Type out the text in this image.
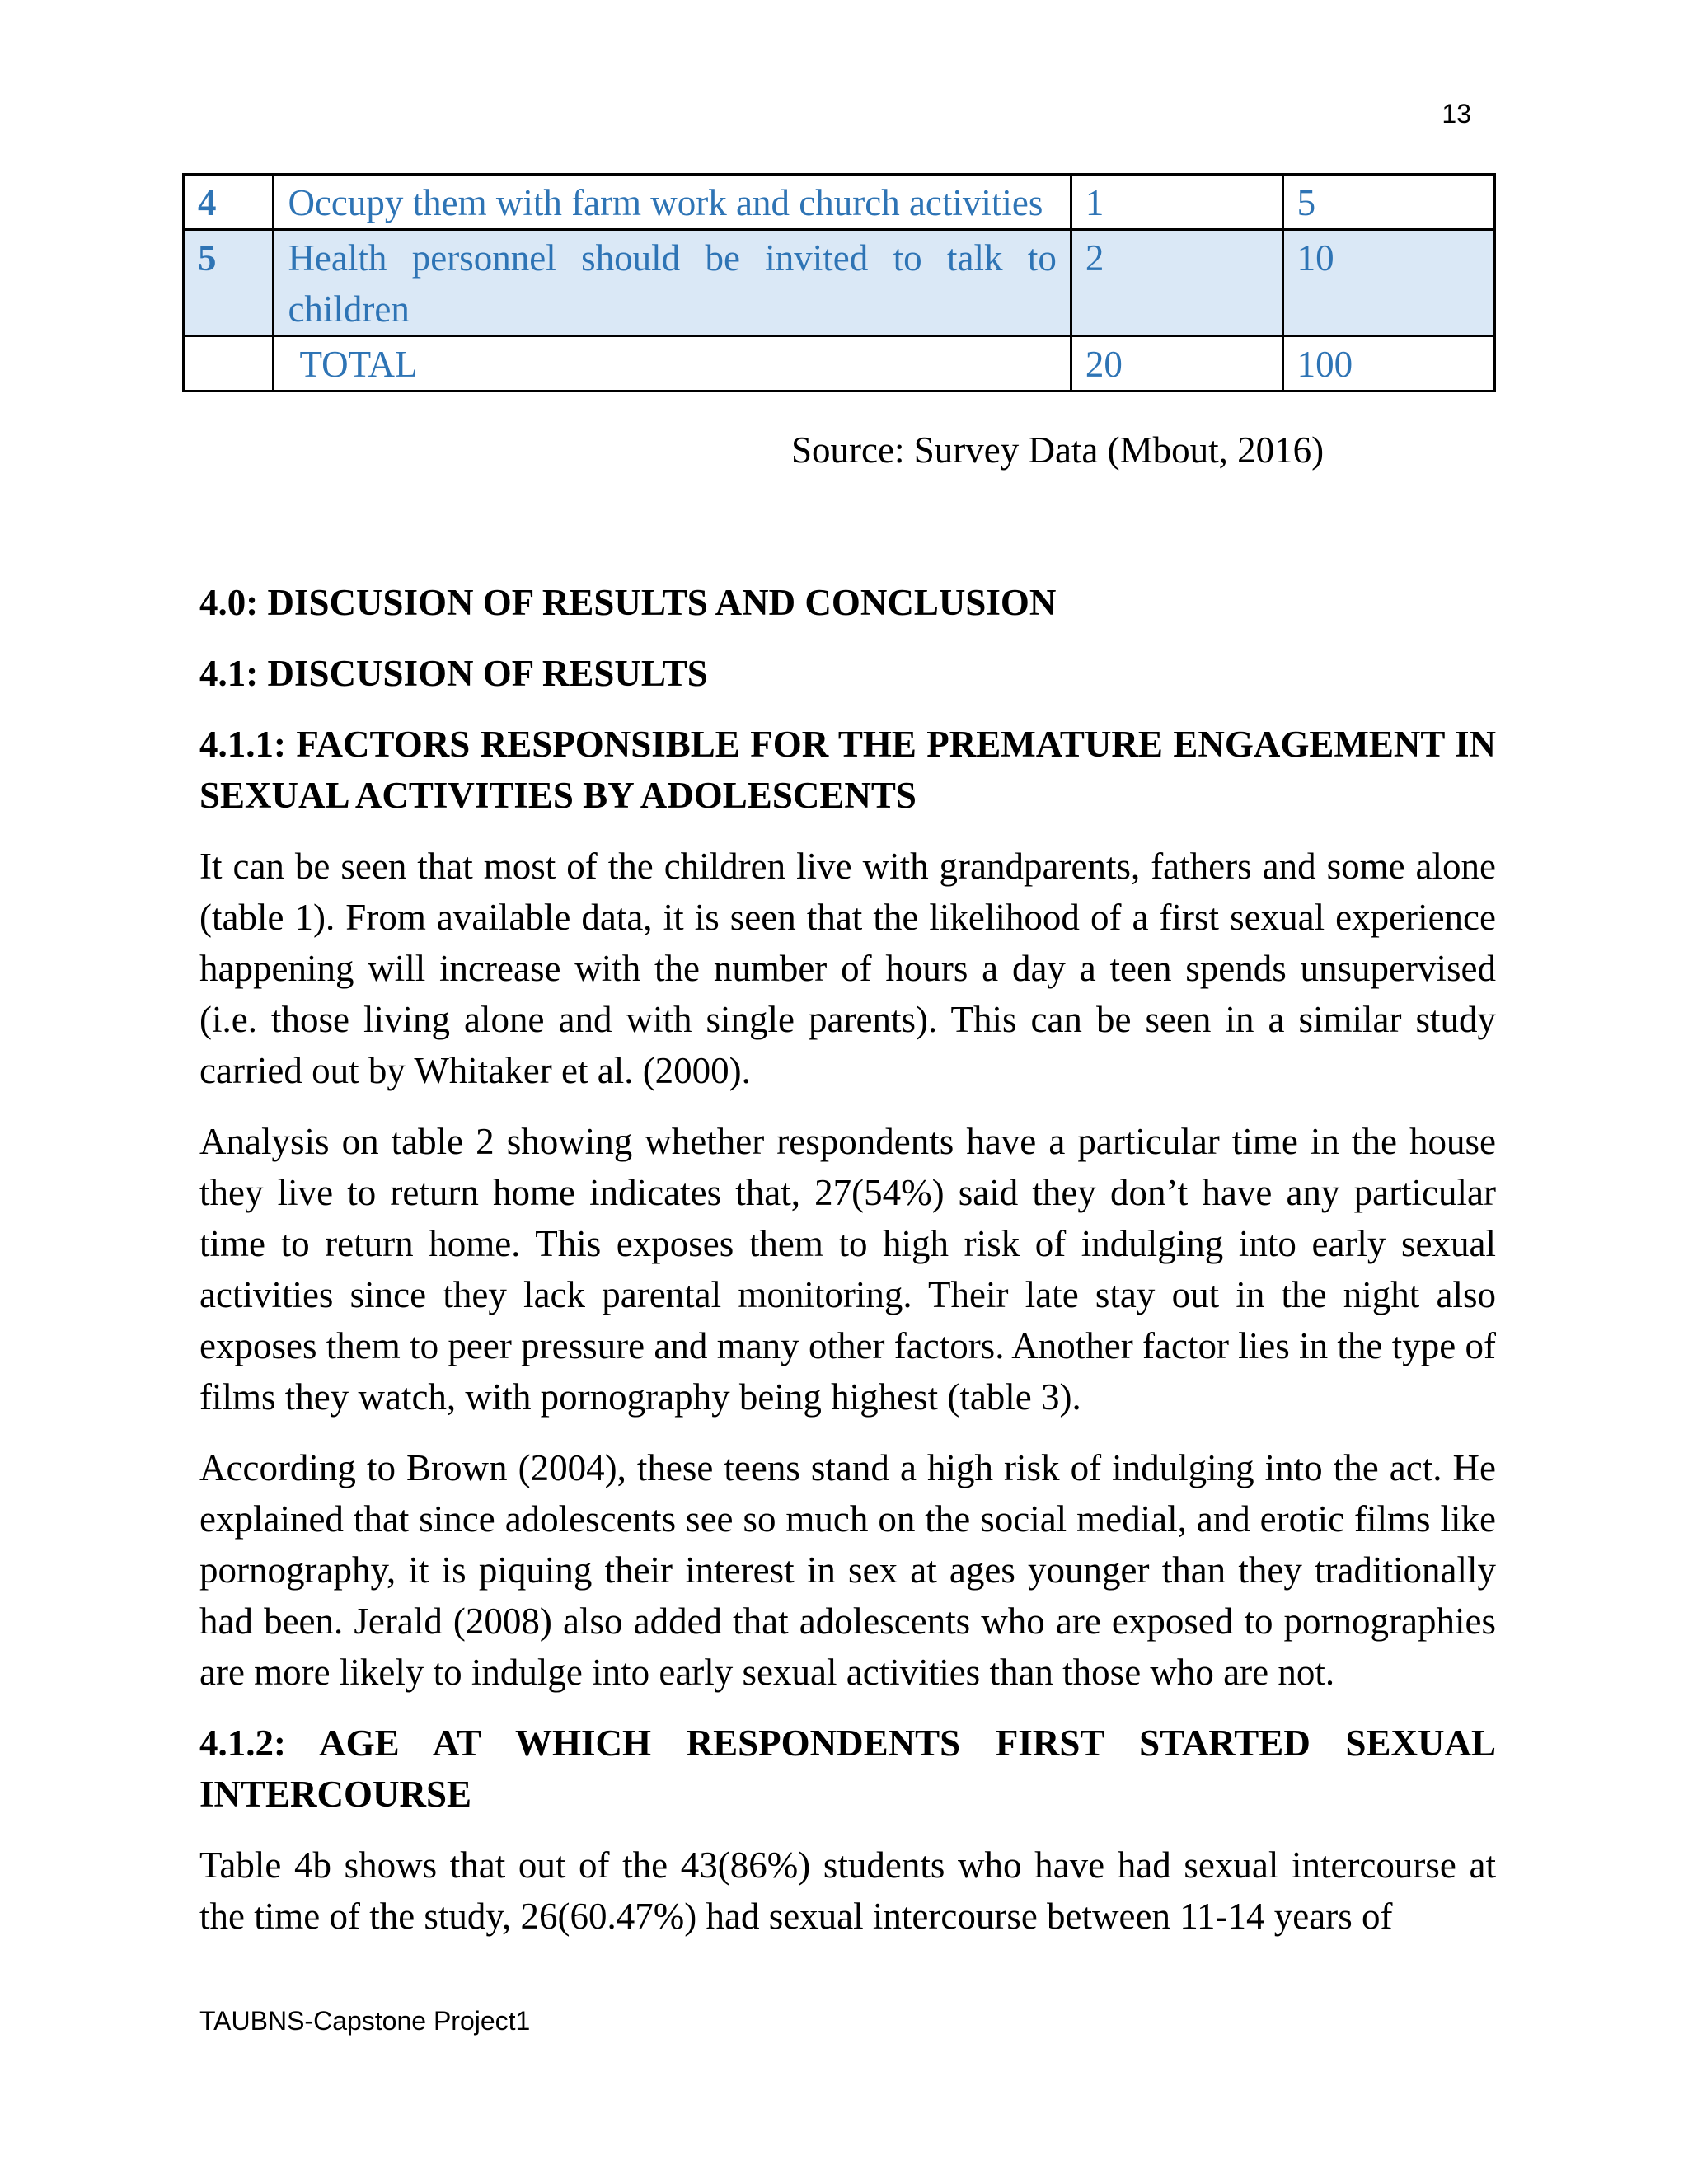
13
4	Occupy them with farm work and church activities	1	5
5	Health personnel should be invited to talk to children	2	10
	TOTAL	20	100
Source: Survey Data (Mbout, 2016)
4.0: DISCUSION OF RESULTS AND CONCLUSION
4.1: DISCUSION OF RESULTS
4.1.1: FACTORS RESPONSIBLE FOR THE PREMATURE ENGAGEMENT IN SEXUAL ACTIVITIES BY ADOLESCENTS

It can be seen that most of the children live with grandparents, fathers and some alone (table 1). From available data, it is seen that the likelihood of a first sexual experience happening will increase with the number of hours a day a teen spends unsupervised (i.e. those living alone and with single parents). This can be seen in a similar study carried out by Whitaker et al. (2000).

Analysis on table 2 showing whether respondents have a particular time in the house they live to return home indicates that, 27(54%) said they don’t have any particular time to return home. This exposes them to high risk of indulging into early sexual activities since they lack parental monitoring. Their late stay out in the night also exposes them to peer pressure and many other factors. Another factor lies in the type of films they watch, with pornography being highest (table 3).

According to Brown (2004), these teens stand a high risk of indulging into the act. He explained that since adolescents see so much on the social medial, and erotic films like pornography, it is piquing their interest in sex at ages younger than they traditionally had been. Jerald (2008) also added that adolescents who are exposed to pornographies are more likely to indulge into early sexual activities than those who are not.

4.1.2: AGE AT WHICH RESPONDENTS FIRST STARTED SEXUAL INTERCOURSE

Table 4b shows that out of the 43(86%) students who have had sexual intercourse at the time of the study, 26(60.47%) had sexual intercourse between 11-14 years of

TAUBNS-Capstone Project1
